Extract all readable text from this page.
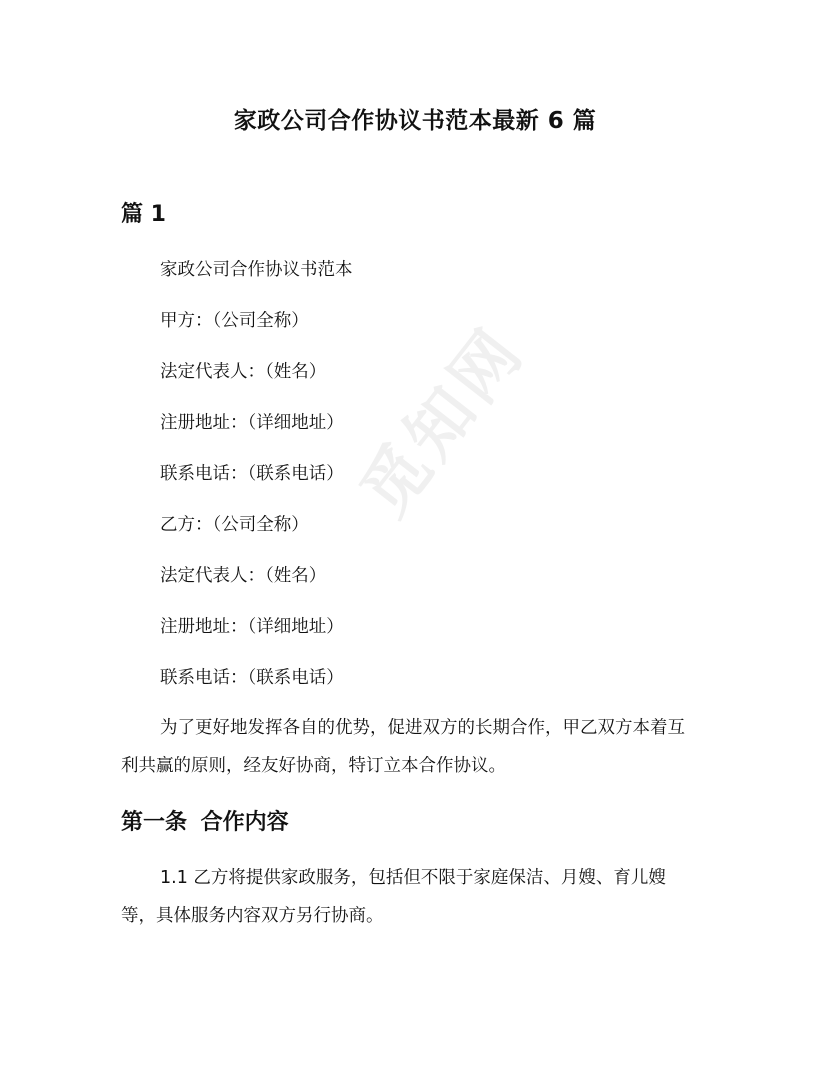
觅知网
家政公司合作协议书范本最新 6 篇
篇 1
家政公司合作协议书范本
甲方：（公司全称）
法定代表人：（姓名）
注册地址：（详细地址）
联系电话：（联系电话）
乙方：（公司全称）
法定代表人：（姓名）
注册地址：（详细地址）
联系电话：（联系电话）
为了更好地发挥各自的优势，促进双方的长期合作，甲乙双方本着互利共赢的原则，经友好协商，特订立本合作协议。
第一条 合作内容
1.1 乙方将提供家政服务，包括但不限于家庭保洁、月嫂、育儿嫂等，具体服务内容双方另行协商。
